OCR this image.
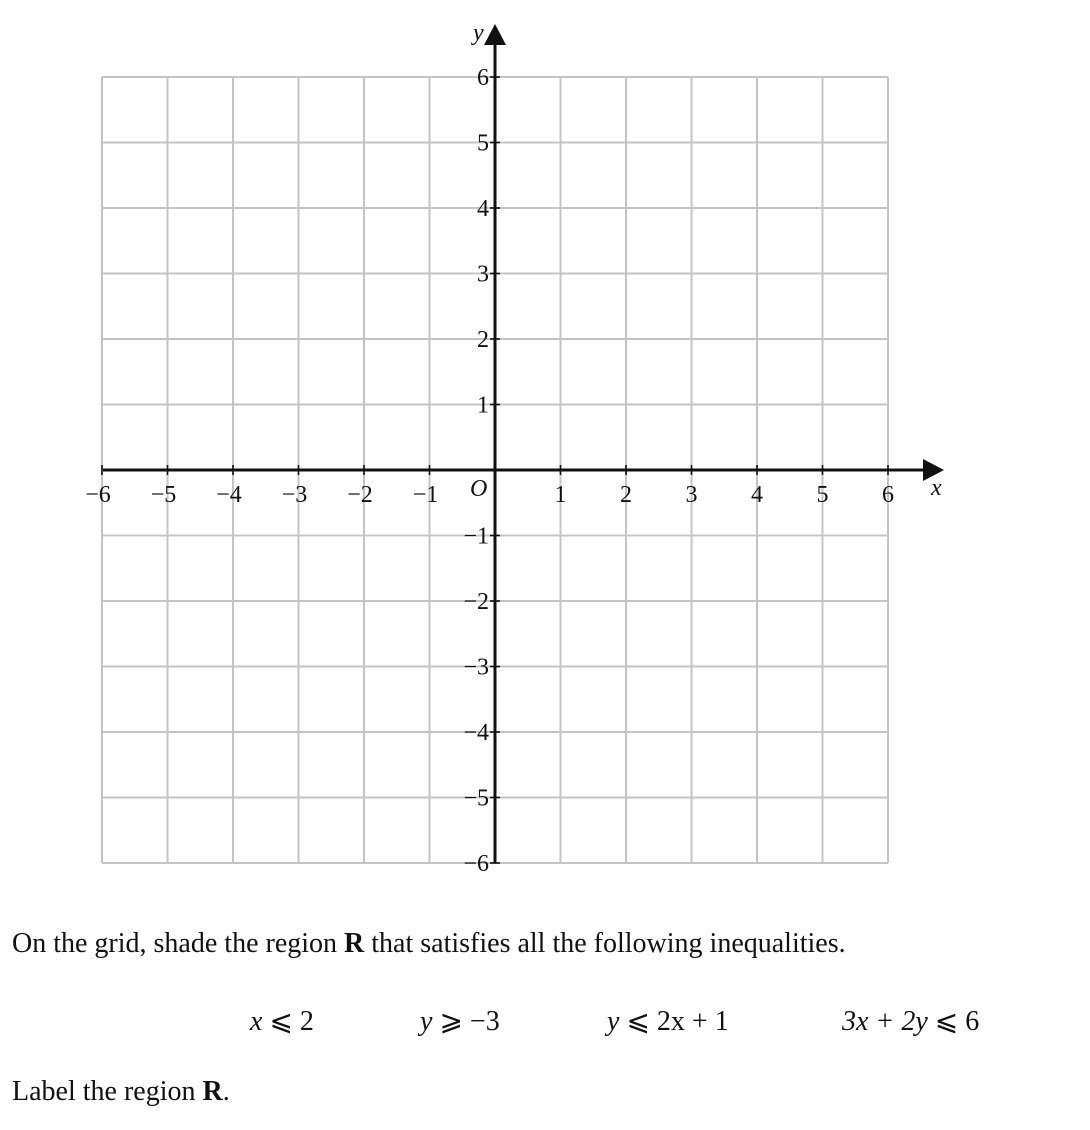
−6 −5 −4 −3 −2 −1	1 2 3 4 5 6
6
5
4
3
2
1
−1
−2
−3
−4
−5
−6
y
x
O

On the grid, shade the region R that satisfies all the following inequalities.

x ⩽ 2	y ⩾ −3	y ⩽ 2x + 1	3x + 2y ⩽ 6

Label the region R.
